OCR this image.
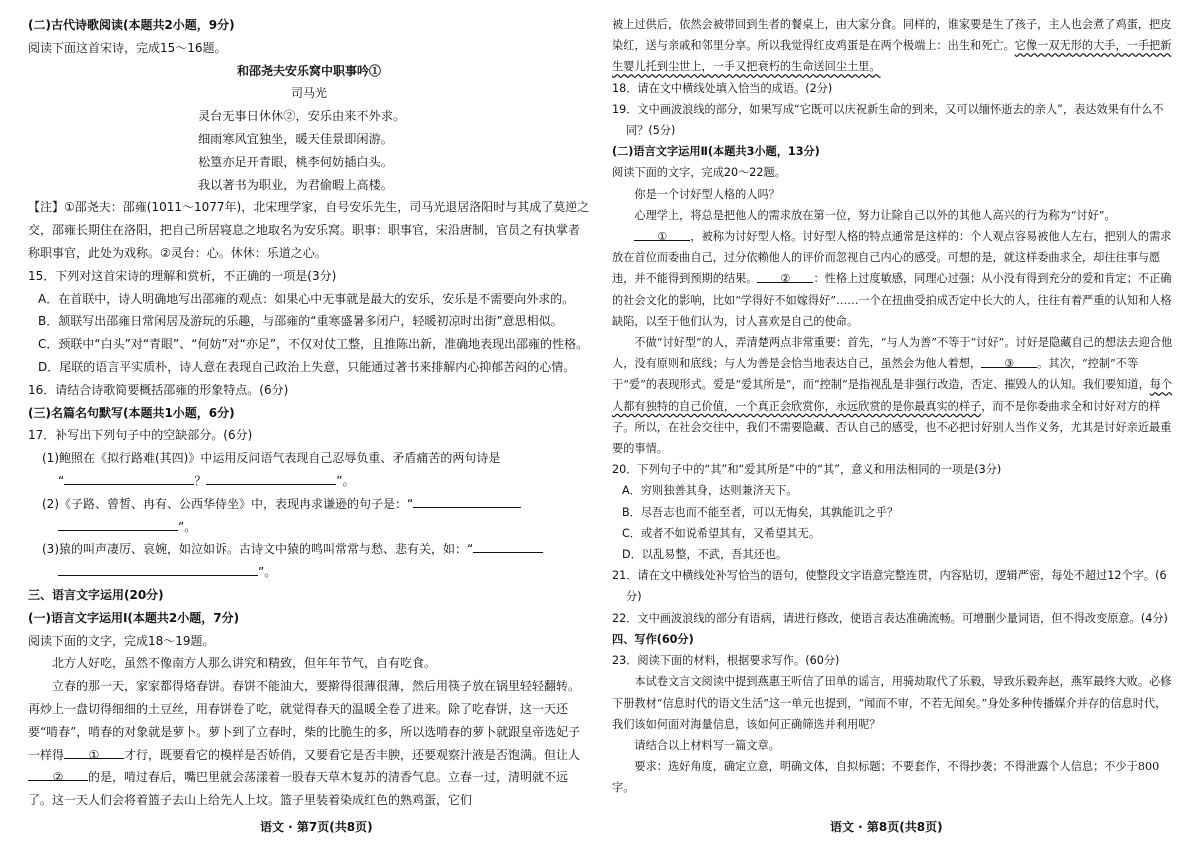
(二)古代诗歌阅读(本题共2小题，9分)

阅读下面这首宋诗，完成15～16题。

和邵尧夫安乐窝中职事吟①

司马光

灵台无事日休休②，安乐由来不外求。

细雨寒风宜独坐，暖天佳景即闲游。

松篁亦足开青眼，桃李何妨插白头。

我以著书为职业，为君偷暇上高楼。

【注】①邵尧夫：邵雍(1011～1077年)，北宋理学家，自号安乐先生，司马光退居洛阳时与其成了莫逆之交，邵雍长期住在洛阳，把自己所居寝息之地取名为安乐窝。职事：职事官，宋沿唐制，官员之有执掌者称职事官，此处为戏称。②灵台：心。休休：乐道之心。

15．下列对这首宋诗的理解和赏析，不正确的一项是(3分)

A．在首联中，诗人明确地写出邵雍的观点：如果心中无事就是最大的安乐，安乐是不需要向外求的。

B．颔联写出邵雍日常闲居及游玩的乐趣，与邵雍的“重寒盛暑多闭户，轻暖初凉时出街”意思相似。

C．颈联中“白头”对“青眼”、“何妨”对“亦足”，不仅对仗工整，且推陈出新，准确地表现出邵雍的性格。

D．尾联的语言平实质朴，诗人意在表现自己政治上失意，只能通过著书来排解内心抑郁苦闷的心情。

16．请结合诗歌简要概括邵雍的形象特点。(6分)

(三)名篇名句默写(本题共1小题，6分)

17．补写出下列句子中的空缺部分。(6分)

(1)鲍照在《拟行路难(其四)》中运用反问语气表现自己忍辱负重、矛盾痛苦的两句诗是

“	？	”。

(2)《子路、曾皙、冉有、公西华侍坐》中，表现冉求谦逊的句子是：“

”。

(3)猿的叫声凄厉、哀婉，如泣如诉。古诗文中猿的鸣叫常常与愁、悲有关，如：“

”。

三、语言文字运用(20分)

(一)语言文字运用Ⅰ(本题共2小题，7分)

阅读下面的文字，完成18～19题。

北方人好吃，虽然不像南方人那么讲究和精致，但年年节气，自有吃食。

立春的那一天，家家都得烙春饼。春饼不能油大，要擀得很薄很薄，然后用筷子放在锅里轻轻翻转。再炒上一盘切得细细的土豆丝，用春饼卷了吃，就觉得春天的温暖全卷了进来。除了吃春饼，这一天还要“啃春”，啃春的对象就是萝卜。萝卜到了立春时，柴的比脆生的多，所以选啃春的萝卜就跟皇帝选妃子一样得 ① 才行，既要看它的模样是否娇俏，又要看它是否丰腴，还要观察汁液是否饱满。但让人② 的是，啃过春后，嘴巴里就会荡漾着一股春天草木复苏的清香气息。立春一过，清明就不远了。这一天人们会将着篮子去山上给先人上坟。篮子里装着染成红色的熟鸡蛋，它们

语文 · 第7页(共8页)

被上过供后，依然会被带回到生者的餐桌上，由大家分食。同样的，谁家要是生了孩子，主人也会煮了鸡蛋，把皮染红，送与亲戚和邻里分享。所以我觉得红皮鸡蛋是在两个极端上：出生和死亡。它像一双无形的大手，一手把新生婴儿托到尘世上，一手又把衰朽的生命送回尘土里。

18．请在文中横线处填入恰当的成语。(2分)

19．文中画波浪线的部分，如果写成“它既可以庆祝新生命的到来，又可以缅怀逝去的亲人”，表达效果有什么不同？(5分)

(二)语言文字运用Ⅱ(本题共3小题，13分)

阅读下面的文字，完成20～22题。

你是一个讨好型人格的人吗？

心理学上，将总是把他人的需求放在第一位，努力让除自己以外的其他人高兴的行为称为“讨好”。

① ，被称为讨好型人格。讨好型人格的特点通常是这样的：个人观点容易被他人左右，把别人的需求放在首位而委曲自己，过分依赖他人的评价而忽视自己内心的感受。可想的是，就这样委曲求全，却往往事与愿违，并不能得到预期的结果。 ② ：性格上过度敏感，同理心过强；从小没有得到充分的爱和肯定；不正确的社会文化的影响，比如“学得好不如嫁得好”……一个在扭曲受拍成否定中长大的人，往往有着严重的认知和人格缺陷，以至于他们认为，讨人喜欢是自己的使命。

不做“讨好型”的人，弄清楚两点非常重要：首先，“与人为善”不等于“讨好”。讨好是隐藏自己的想法去迎合他人，没有原则和底线；与人为善是会恰当地表达自己，虽然会为他人着想， ③ 。其次，“控制”不等于“爱”的表现形式。爱是“爱其所是”，而“控制”是指视乱是非强行改造，否定、摧毁人的认知。我们要知道，每个人都有独特的自己价值，一个真正会欣赏你，永远欣赏的是你最真实的样子，而不是你委曲求全和讨好对方的样子。所以，在社会交往中，我们不需要隐藏、否认自己的感受，也不必把讨好别人当作义务，尤其是讨好亲近最重要的事情。

20．下列句子中的“其”和“爱其所是”中的“其”，意义和用法相同的一项是(3分)

A．穷则独善其身，达则兼济天下。

B．尽吾志也而不能至者，可以无悔矣，其孰能讥之乎？

C．或者不如说希望其有，又希望其无。

D．以乱易整，不武，吾其还也。

21．请在文中横线处补写恰当的语句，使整段文字语意完整连贯，内容贴切，逻辑严密，每处不超过12个字。(6分)

22．文中画波浪线的部分有语病，请进行修改，使语言表达准确流畅。可增删少量词语，但不得改变原意。(4分)

四、写作(60分)

23．阅读下面的材料，根据要求写作。(60分)

本试卷文言文阅读中提到燕惠王听信了田单的谣言，用骑劫取代了乐毅，导致乐毅奔赵，燕军最终大败。必修下册教材“信息时代的语文生活”这一单元也提到，“闻而不审，不若无闻矣。”身处多种传播媒介并存的信息时代，我们该如何面对海量信息，该如何正确筛选并利用呢？

请结合以上材料写一篇文章。

要求：选好角度，确定立意，明确文体，自拟标题；不要套作，不得抄袭；不得泄露个人信息；不少于800字。

语文 · 第8页(共8页)
